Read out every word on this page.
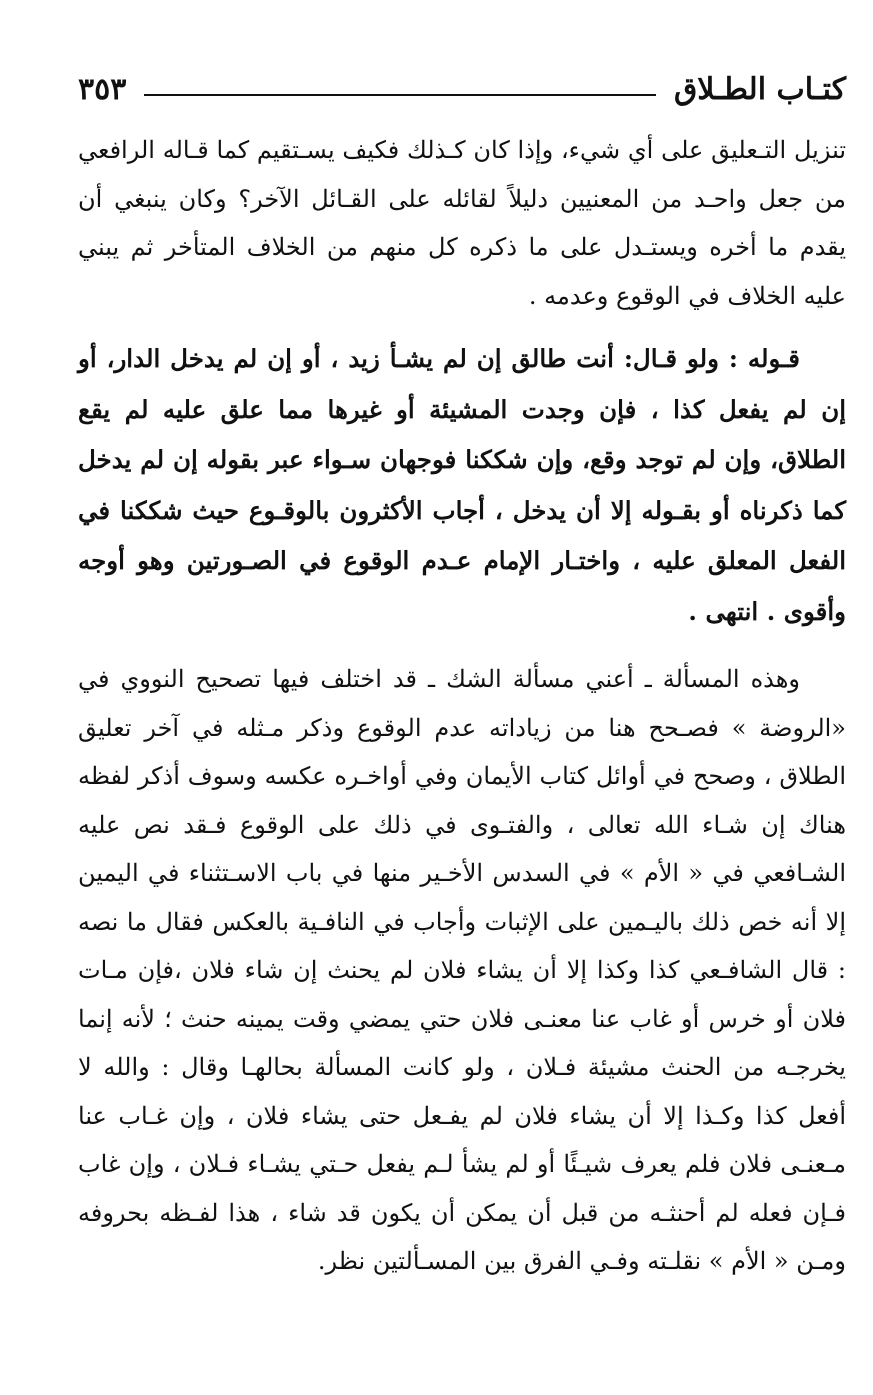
كتـاب الطـلاق
٣٥٣

تنزيل التـعليق على أي شيء، وإذا كان كـذلك فكيف يسـتقيم كما قـاله الرافعي من جعل واحـد من المعنيين دليلاً لقائله على القـائل الآخر؟ وكان ينبغي أن يقدم ما أخره ويستـدل على ما ذكره كل منهم من الخلاف المتأخر ثم يبني عليه الخلاف في الوقوع وعدمه .

قـوله : ولو قـال: أنت طالق إن لم يشـأ زيد ، أو إن لم يدخل الدار، أو إن لم يفعل كذا ، فإن وجدت المشيئة أو غيرها مما علق عليه لم يقع الطلاق، وإن لم توجد وقع، وإن شككنا فوجهان سـواء عبر بقوله إن لم يدخل كما ذكرناه أو بقـوله إلا أن يدخل ، أجاب الأكثرون بالوقـوع حيث شككنا في الفعل المعلق عليه ، واختـار الإمام عـدم الوقوع في الصـورتين وهو أوجه وأقوى . انتهى .

وهذه المسألة ـ أعني مسألة الشك ـ قد اختلف فيها تصحيح النووي في «الروضة » فصـحح هنا من زياداته عدم الوقوع وذكر مـثله في آخر تعليق الطلاق ، وصحح في أوائل كتاب الأيمان وفي أواخـره عكسه وسوف أذكر لفظه هناك إن شـاء الله تعالى ، والفتـوى في ذلك على الوقوع فـقد نص عليه الشـافعي في « الأم » في السدس الأخـير منها في باب الاسـتثناء في اليمين إلا أنه خص ذلك باليـمين على الإثبات وأجاب في النافـية بالعكس فقال ما نصه : قال الشافـعي كذا وكذا إلا أن يشاء فلان لم يحنث إن شاء فلان ،فإن مـات فلان أو خرس أو غاب عنا معنـى فلان حتي يمضي وقت يمينه حنث ؛ لأنه إنما يخرجـه من الحنث مشيئة فـلان ، ولو كانت المسألة بحالهـا وقال : والله لا أفعل كذا وكـذا إلا أن يشاء فلان لم يفـعل حتى يشاء فلان ، وإن غـاب عنا مـعنـى فلان فلم يعرف شيـئًا أو لم يشأ لـم يفعل حـتي يشـاء فـلان ، وإن غاب فـإن فعله لم أحنثـه من قبل أن يمكن أن يكون قد شاء ، هذا لفـظه بحروفه ومـن « الأم » نقلـته وفـي الفرق بين المسـألتين نظر.
